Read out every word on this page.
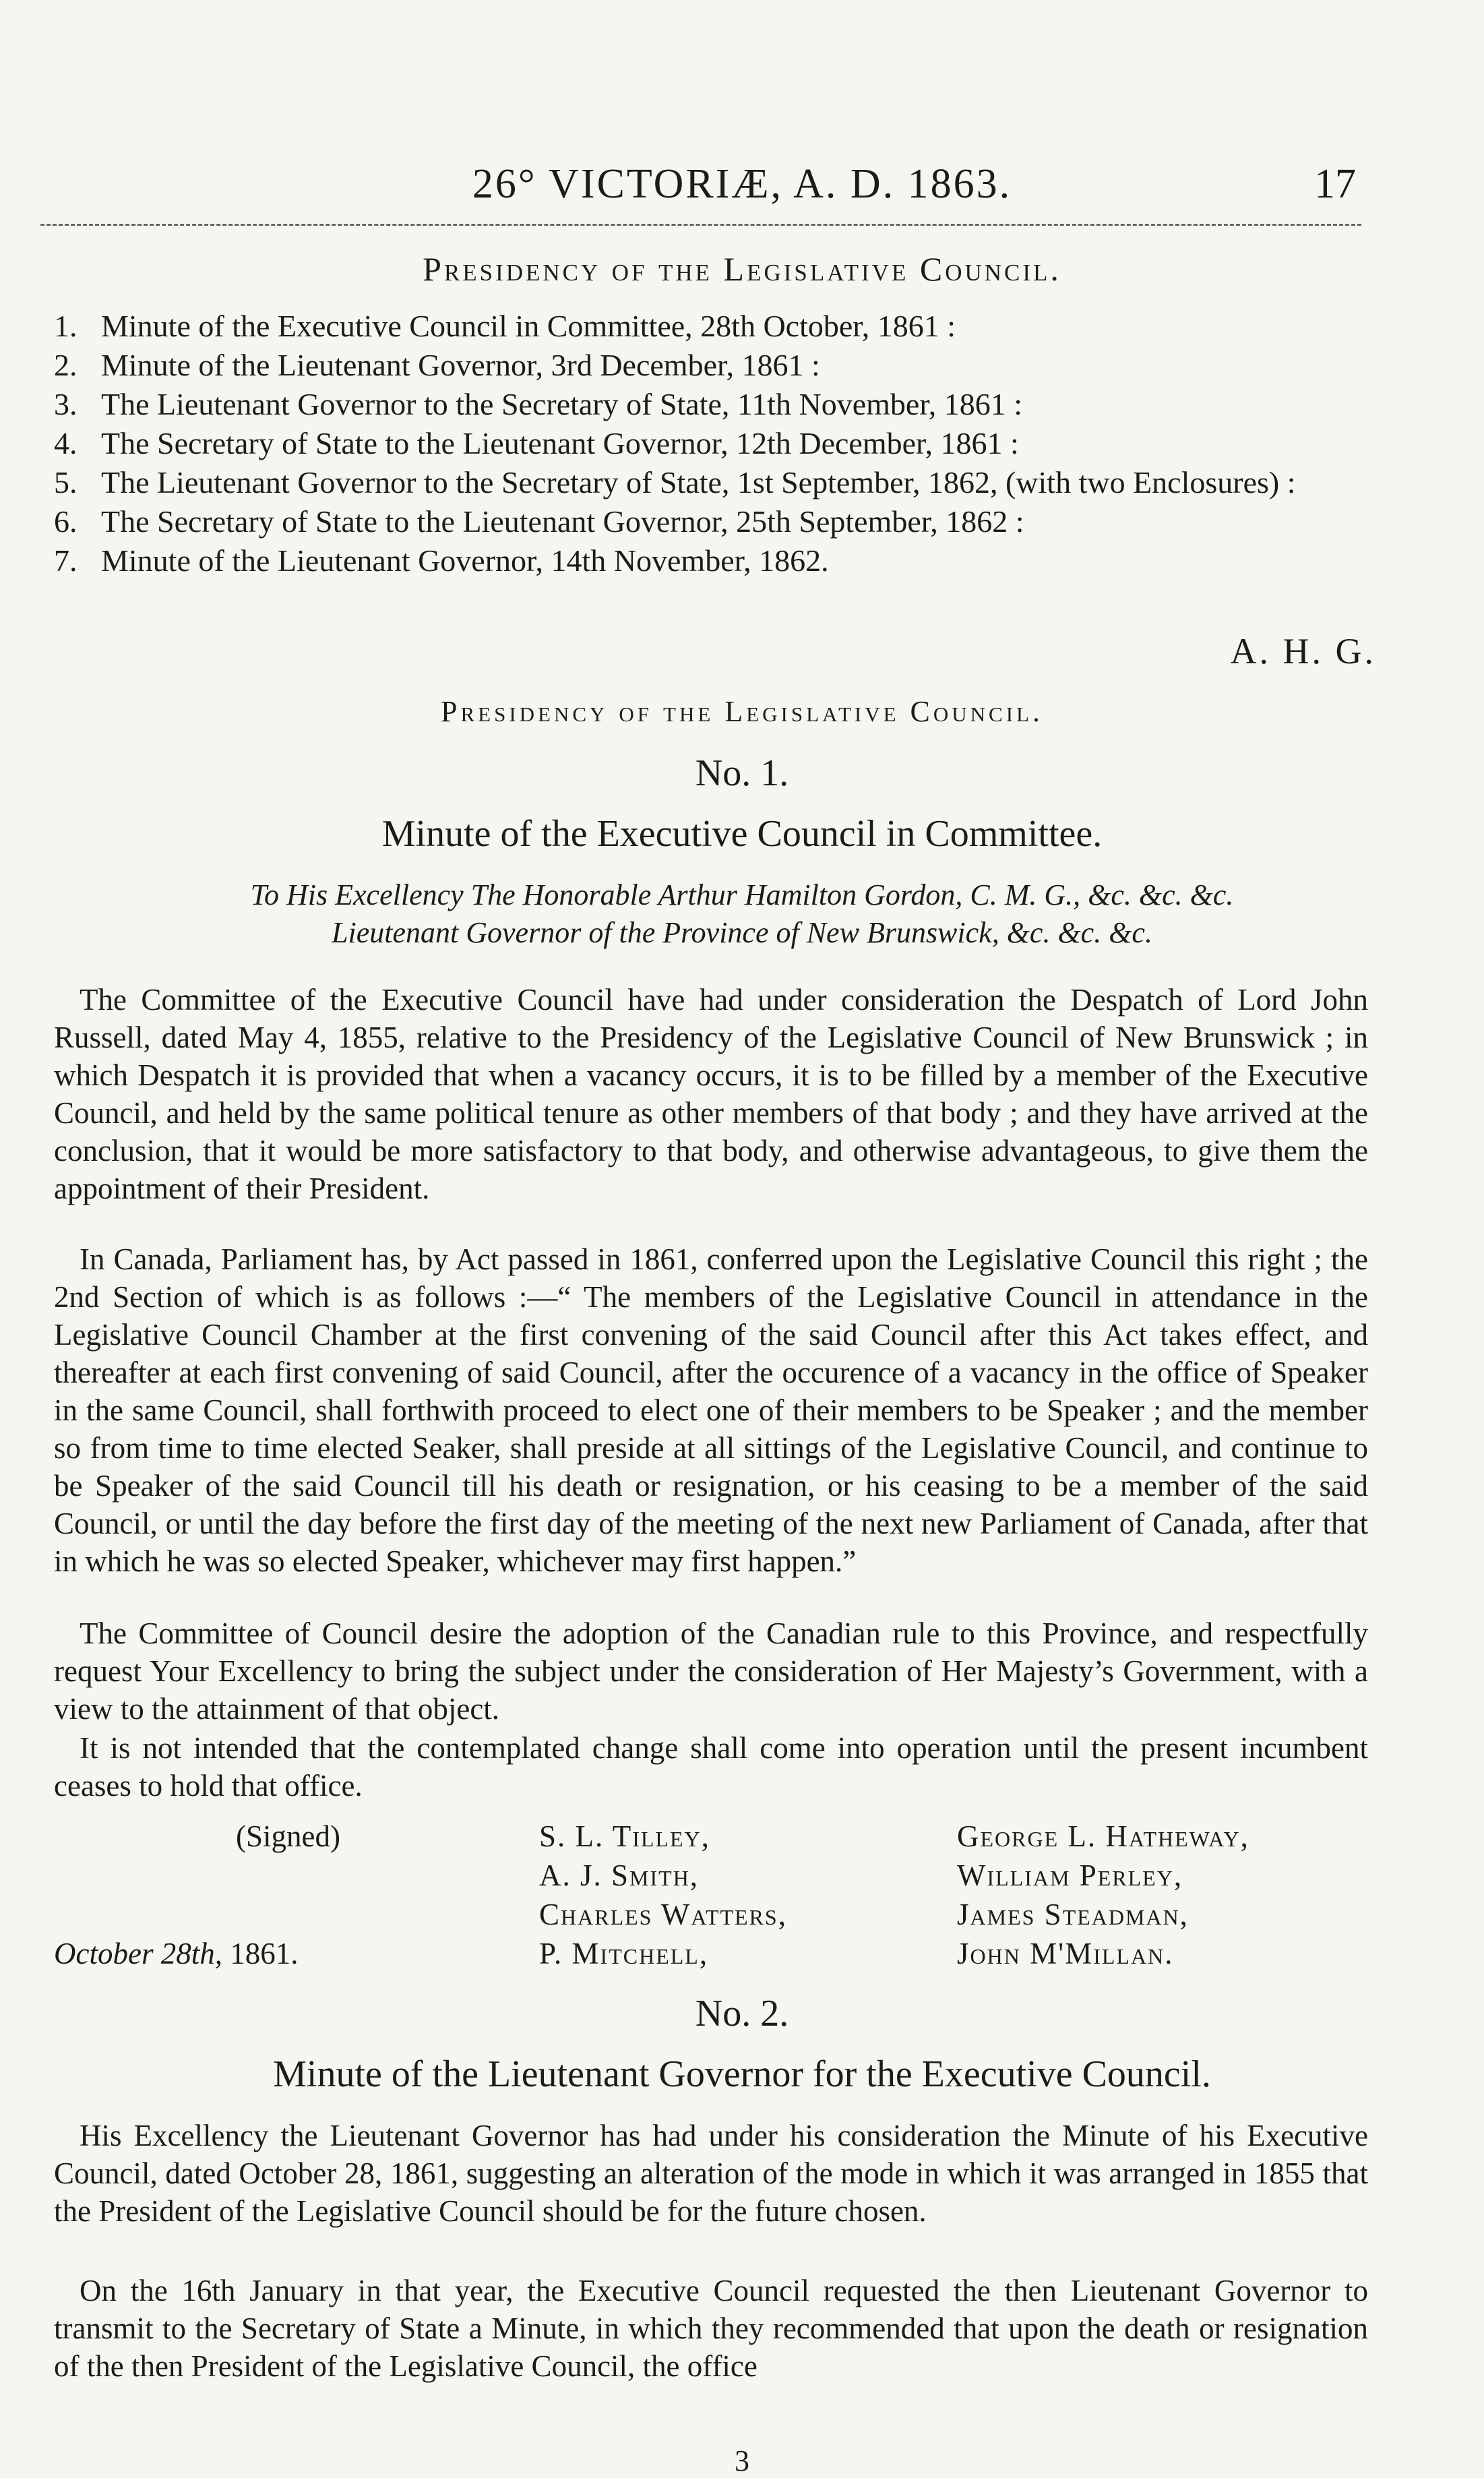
26° VICTORIÆ, A. D. 1863.	17
Presidency of the Legislative Council.
1. Minute of the Executive Council in Committee, 28th October, 1861 :
2. Minute of the Lieutenant Governor, 3rd December, 1861 :
3. The Lieutenant Governor to the Secretary of State, 11th November, 1861 :
4. The Secretary of State to the Lieutenant Governor, 12th December, 1861 :
5. The Lieutenant Governor to the Secretary of State, 1st September, 1862, (with two Enclosures) :
6. The Secretary of State to the Lieutenant Governor, 25th September, 1862 :
7. Minute of the Lieutenant Governor, 14th November, 1862.
A. H. G.
Presidency of the Legislative Council.
No. 1.
Minute of the Executive Council in Committee.
To His Excellency The Honorable Arthur Hamilton Gordon, C. M. G., &c. &c. &c.
Lieutenant Governor of the Province of New Brunswick, &c. &c. &c.

The Committee of the Executive Council have had under consideration the Despatch of Lord John Russell, dated May 4, 1855, relative to the Presidency of the Legislative Council of New Brunswick ; in which Despatch it is provided that when a vacancy occurs, it is to be filled by a member of the Executive Council, and held by the same political tenure as other members of that body ; and they have arrived at the conclusion, that it would be more satisfactory to that body, and otherwise advantageous, to give them the appointment of their President.

In Canada, Parliament has, by Act passed in 1861, conferred upon the Legislative Council this right ; the 2nd Section of which is as follows :—“ The members of the Legislative Council in attendance in the Legislative Council Chamber at the first convening of the said Council after this Act takes effect, and thereafter at each first convening of said Council, after the occurence of a vacancy in the office of Speaker in the same Council, shall forthwith proceed to elect one of their members to be Speaker ; and the member so from time to time elected Seaker, shall preside at all sittings of the Legislative Council, and continue to be Speaker of the said Council till his death or resignation, or his ceasing to be a member of the said Council, or until the day before the first day of the meeting of the next new Parliament of Canada, after that in which he was so elected Speaker, whichever may first happen.”

The Committee of Council desire the adoption of the Canadian rule to this Province, and respectfully request Your Excellency to bring the subject under the consideration of Her Majesty’s Government, with a view to the attainment of that object.

It is not intended that the contemplated change shall come into operation until the present incumbent ceases to hold that office.

(Signed)
October 28th, 1861.
S. L. Tilley,
A. J. Smith,
Charles Watters,
P. Mitchell,
George L. Hatheway,
William Perley,
James Steadman,
John M'Millan.
No. 2.
Minute of the Lieutenant Governor for the Executive Council.

His Excellency the Lieutenant Governor has had under his consideration the Minute of his Executive Council, dated October 28, 1861, suggesting an alteration of the mode in which it was arranged in 1855 that the President of the Legislative Council should be for the future chosen.

On the 16th January in that year, the Executive Council requested the then Lieutenant Governor to transmit to the Secretary of State a Minute, in which they recommended that upon the death or resignation of the then President of the Legislative Council, the office

3
